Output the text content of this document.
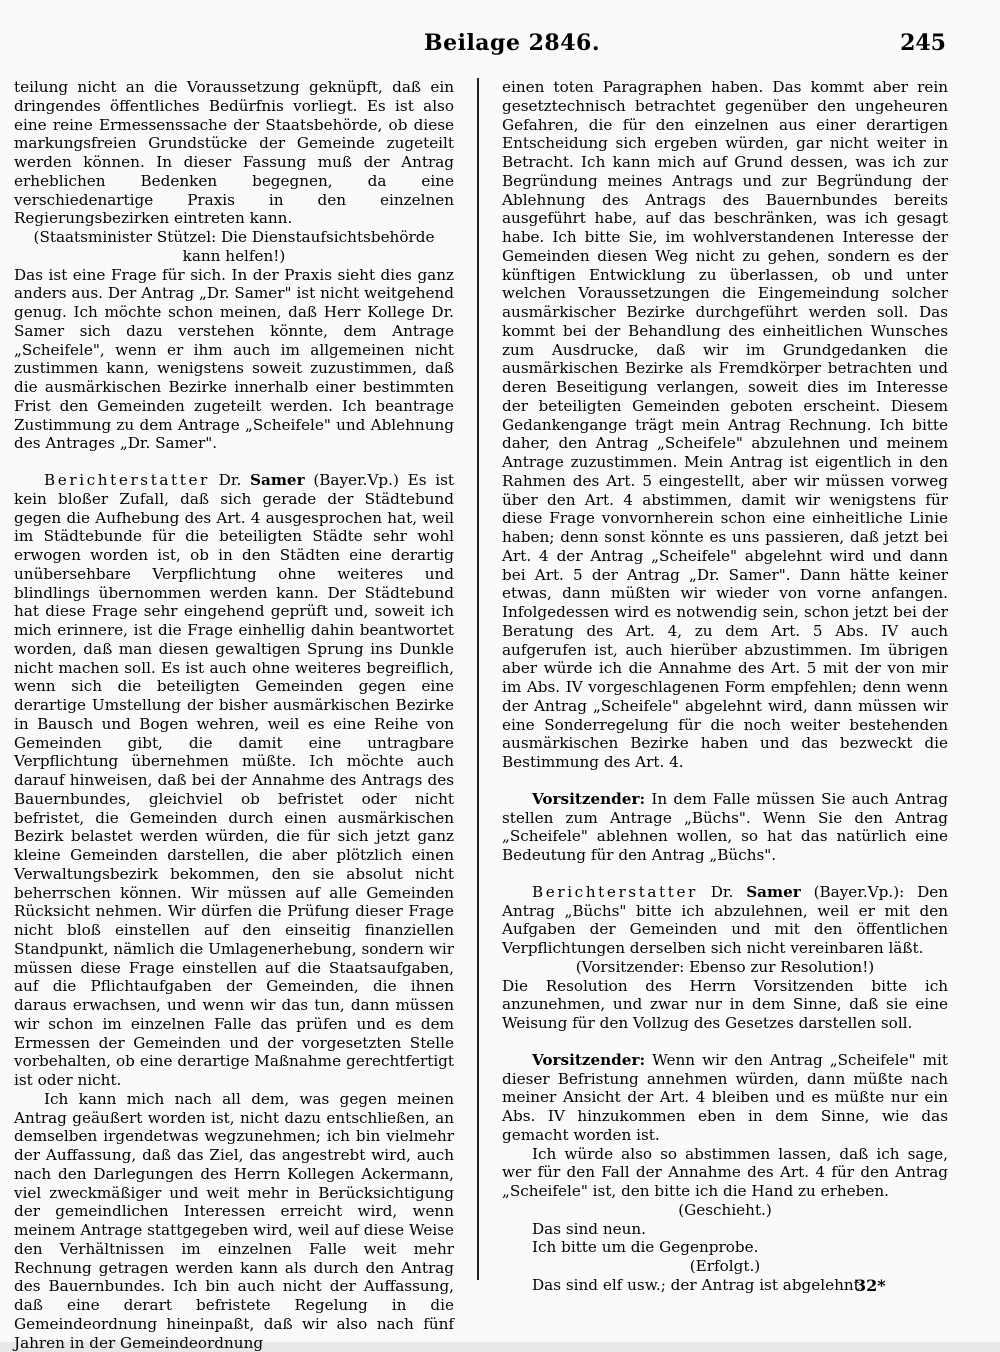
Beilage 2846.	245

teilung nicht an die Voraussetzung geknüpft, daß ein dringendes öffentliches Bedürfnis vorliegt. Es ist also eine reine Ermessenssache der Staatsbehörde, ob diese markungsfreien Grundstücke der Gemeinde zugeteilt werden können. In dieser Fassung muß der Antrag erheblichen Bedenken begegnen, da eine verschiedenartige Praxis in den einzelnen Regierungsbezirken eintreten kann.

(Staatsminister Stützel: Die Dienstaufsichtsbehörde kann helfen!)

Das ist eine Frage für sich. In der Praxis sieht dies ganz anders aus. Der Antrag „Dr. Samer" ist nicht weitgehend genug. Ich möchte schon meinen, daß Herr Kollege Dr. Samer sich dazu verstehen könnte, dem Antrage „Scheifele", wenn er ihm auch im allgemeinen nicht zustimmen kann, wenigstens soweit zuzustimmen, daß die ausmärkischen Bezirke innerhalb einer bestimmten Frist den Gemeinden zugeteilt werden. Ich beantrage Zustimmung zu dem Antrage „Scheifele" und Ablehnung des Antrages „Dr. Samer".

Berichterstatter Dr. Samer (Bayer.Vp.) Es ist kein bloßer Zufall, daß sich gerade der Städtebund gegen die Aufhebung des Art. 4 ausgesprochen hat, weil im Städtebunde für die beteiligten Städte sehr wohl erwogen worden ist, ob in den Städten eine derartig unübersehbare Verpflichtung ohne weiteres und blindlings übernommen werden kann. Der Städtebund hat diese Frage sehr eingehend geprüft und, soweit ich mich erinnere, ist die Frage einhellig dahin beantwortet worden, daß man diesen gewaltigen Sprung ins Dunkle nicht machen soll. Es ist auch ohne weiteres begreiflich, wenn sich die beteiligten Gemeinden gegen eine derartige Umstellung der bisher ausmärkischen Bezirke in Bausch und Bogen wehren, weil es eine Reihe von Gemeinden gibt, die damit eine untragbare Verpflichtung übernehmen müßte. Ich möchte auch darauf hinweisen, daß bei der Annahme des Antrags des Bauernbundes, gleichviel ob befristet oder nicht befristet, die Gemeinden durch einen ausmärkischen Bezirk belastet werden würden, die für sich jetzt ganz kleine Gemeinden darstellen, die aber plötzlich einen Verwaltungsbezirk bekommen, den sie absolut nicht beherrschen können. Wir müssen auf alle Gemeinden Rücksicht nehmen. Wir dürfen die Prüfung dieser Frage nicht bloß einstellen auf den einseitig finanziellen Standpunkt, nämlich die Umlagenerhebung, sondern wir müssen diese Frage einstellen auf die Staatsaufgaben, auf die Pflichtaufgaben der Gemeinden, die ihnen daraus erwachsen, und wenn wir das tun, dann müssen wir schon im einzelnen Falle das prüfen und es dem Ermessen der Gemeinden und der vorgesetzten Stelle vorbehalten, ob eine derartige Maßnahme gerechtfertigt ist oder nicht.

Ich kann mich nach all dem, was gegen meinen Antrag geäußert worden ist, nicht dazu entschließen, an demselben irgendetwas wegzunehmen; ich bin vielmehr der Auffassung, daß das Ziel, das angestrebt wird, auch nach den Darlegungen des Herrn Kollegen Ackermann, viel zweckmäßiger und weit mehr in Berücksichtigung der gemeindlichen Interessen erreicht wird, wenn meinem Antrage stattgegeben wird, weil auf diese Weise den Verhältnissen im einzelnen Falle weit mehr Rechnung getragen werden kann als durch den Antrag des Bauernbundes. Ich bin auch nicht der Auffassung, daß eine derart befristete Regelung in die Gemeindeordnung hineinpaßt, daß wir also nach fünf Jahren in der Gemeindeordnung

einen toten Paragraphen haben. Das kommt aber rein gesetztechnisch betrachtet gegenüber den ungeheuren Gefahren, die für den einzelnen aus einer derartigen Entscheidung sich ergeben würden, gar nicht weiter in Betracht. Ich kann mich auf Grund dessen, was ich zur Begründung meines Antrags und zur Begründung der Ablehnung des Antrags des Bauernbundes bereits ausgeführt habe, auf das beschränken, was ich gesagt habe. Ich bitte Sie, im wohlverstandenen Interesse der Gemeinden diesen Weg nicht zu gehen, sondern es der künftigen Entwicklung zu überlassen, ob und unter welchen Voraussetzungen die Eingemeindung solcher ausmärkischer Bezirke durchgeführt werden soll. Das kommt bei der Behandlung des einheitlichen Wunsches zum Ausdrucke, daß wir im Grundgedanken die ausmärkischen Bezirke als Fremdkörper betrachten und deren Beseitigung verlangen, soweit dies im Interesse der beteiligten Gemeinden geboten erscheint. Diesem Gedankengange trägt mein Antrag Rechnung. Ich bitte daher, den Antrag „Scheifele" abzulehnen und meinem Antrage zuzustimmen. Mein Antrag ist eigentlich in den Rahmen des Art. 5 eingestellt, aber wir müssen vorweg über den Art. 4 abstimmen, damit wir wenigstens für diese Frage vonvornherein schon eine einheitliche Linie haben; denn sonst könnte es uns passieren, daß jetzt bei Art. 4 der Antrag „Scheifele" abgelehnt wird und dann bei Art. 5 der Antrag „Dr. Samer". Dann hätte keiner etwas, dann müßten wir wieder von vorne anfangen. Infolgedessen wird es notwendig sein, schon jetzt bei der Beratung des Art. 4, zu dem Art. 5 Abs. IV auch aufgerufen ist, auch hierüber abzustimmen. Im übrigen aber würde ich die Annahme des Art. 5 mit der von mir im Abs. IV vorgeschlagenen Form empfehlen; denn wenn der Antrag „Scheifele" abgelehnt wird, dann müssen wir eine Sonderregelung für die noch weiter bestehenden ausmärkischen Bezirke haben und das bezweckt die Bestimmung des Art. 4.

Vorsitzender: In dem Falle müssen Sie auch Antrag stellen zum Antrage „Büchs". Wenn Sie den Antrag „Scheifele" ablehnen wollen, so hat das natürlich eine Bedeutung für den Antrag „Büchs".

Berichterstatter Dr. Samer (Bayer.Vp.): Den Antrag „Büchs" bitte ich abzulehnen, weil er mit den Aufgaben der Gemeinden und mit den öffentlichen Verpflichtungen derselben sich nicht vereinbaren läßt.

(Vorsitzender: Ebenso zur Resolution!)

Die Resolution des Herrn Vorsitzenden bitte ich anzunehmen, und zwar nur in dem Sinne, daß sie eine Weisung für den Vollzug des Gesetzes darstellen soll.

Vorsitzender: Wenn wir den Antrag „Scheifele" mit dieser Befristung annehmen würden, dann müßte nach meiner Ansicht der Art. 4 bleiben und es müßte nur ein Abs. IV hinzukommen eben in dem Sinne, wie das gemacht worden ist.

Ich würde also so abstimmen lassen, daß ich sage, wer für den Fall der Annahme des Art. 4 für den Antrag „Scheifele" ist, den bitte ich die Hand zu erheben.

(Geschieht.)

Das sind neun.

Ich bitte um die Gegenprobe.

(Erfolgt.)

Das sind elf usw.; der Antrag ist abgelehnt.

32*
